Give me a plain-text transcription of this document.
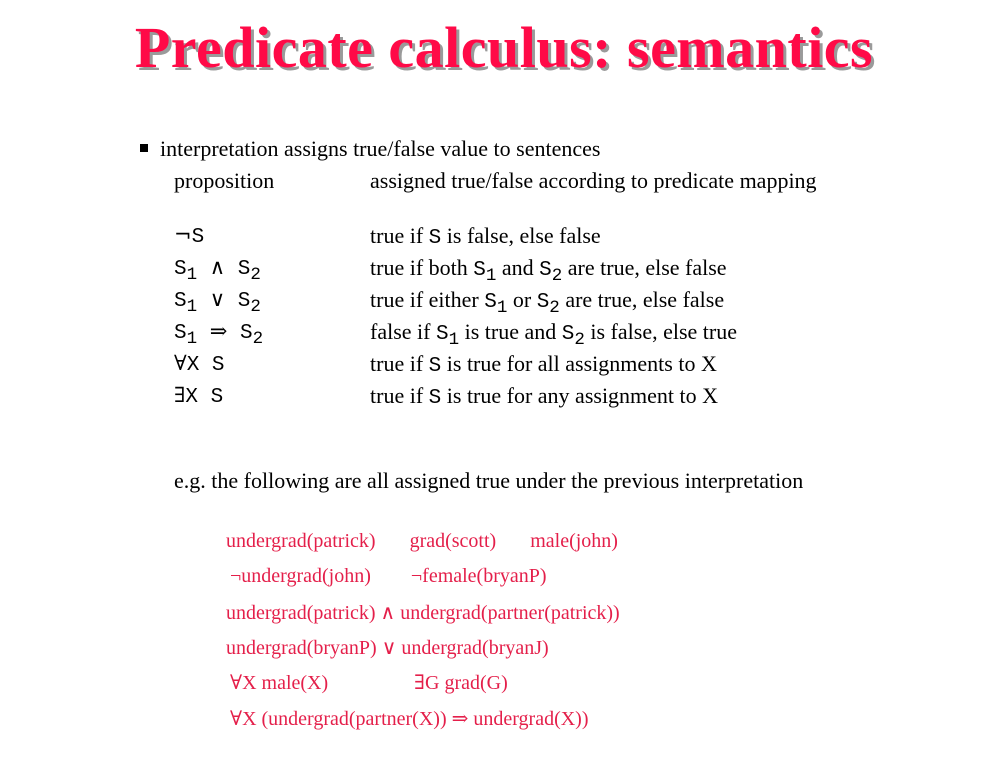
Predicate calculus: semantics
interpretation assigns true/false value to sentences
proposition	assigned true/false according to predicate mapping
¬S	true if S is false, else false
$S_1$ ∧ $S_2$	true if both $S_1$ and $S_2$ are true, else false
$S_1$ ∨ $S_2$	true if either $S_1$ or $S_2$ are true, else false
$S_1$ ⇒ $S_2$	false if $S_1$ is true and $S_2$ is false, else true
∀X S	true if S is true for all assignments to X
∃X S	true if S is true for any assignment to X
e.g. the following are all assigned true under the previous interpretation
undergrad(patrick) grad(scott) male(john)
¬undergrad(john) ¬female(bryanP)
undergrad(patrick) ∧ undergrad(partner(patrick))
undergrad(bryanP) ∨ undergrad(bryanJ)
∀X male(X)	∃G grad(G)
∀X (undergrad(partner(X)) ⇒ undergrad(X))
